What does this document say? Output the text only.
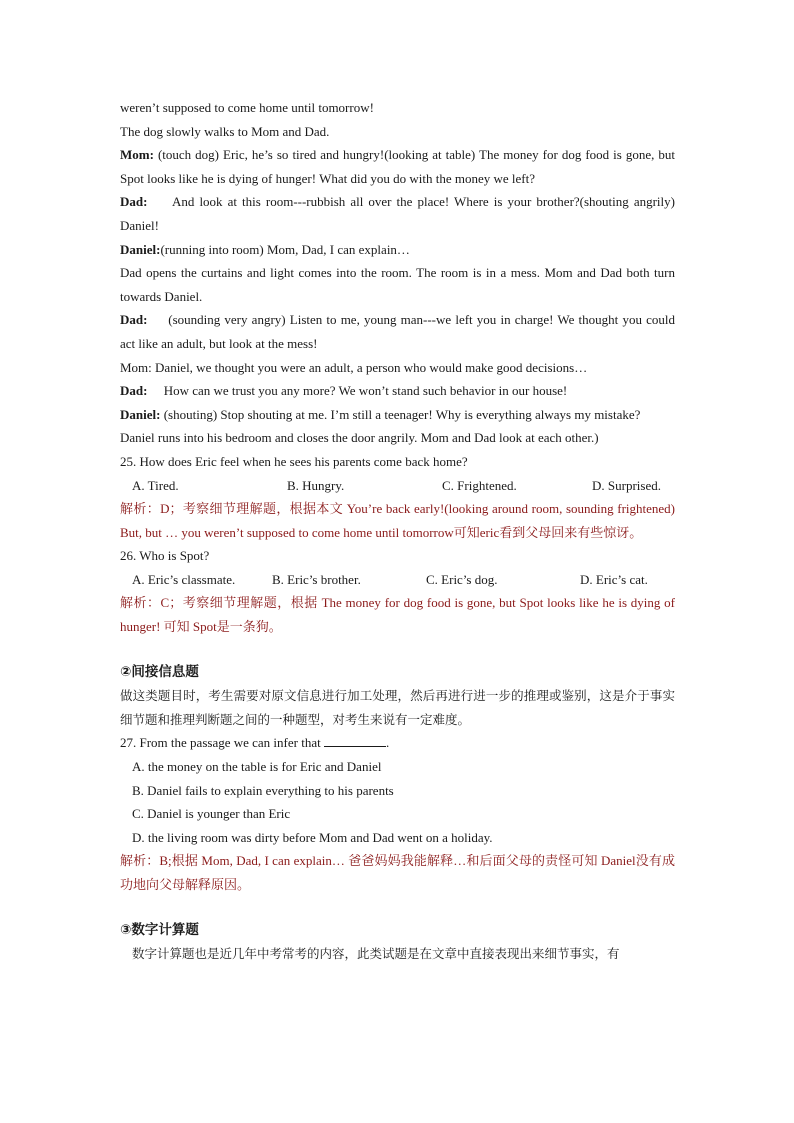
weren’t supposed to come home until tomorrow!

The dog slowly walks to Mom and Dad.

Mom: (touch dog) Eric, he’s so tired and hungry!(looking at table) The money for dog food is gone, but Spot looks like he is dying of hunger! What did you do with the money we left?

Dad:     And look at this room---rubbish all over the place! Where is your brother?(shouting angrily) Daniel!

Daniel:(running into room) Mom, Dad, I can explain…

Dad opens the curtains and light comes into the room. The room is in a mess. Mom and Dad both turn towards Daniel.

Dad:     (sounding very angry) Listen to me, young man---we left you in charge! We thought you could act like an adult, but look at the mess!

Mom: Daniel, we thought you were an adult, a person who would make good decisions…

Dad:     How can we trust you any more? We won’t stand such behavior in our house!

Daniel: (shouting) Stop shouting at me. I’m still a teenager! Why is everything always my mistake?

Daniel runs into his bedroom and closes the door angrily. Mom and Dad look at each other.)

25. How does Eric feel when he sees his parents come back home?

A. Tired.	B. Hungry.	C. Frightened.	D. Surprised.

解析：D；考察细节理解题，根据本文 You’re back early!(looking around room, sounding frightened) But, but … you weren’t supposed to come home until tomorrow可知eric看到父母回来有些惊讶。

26. Who is Spot?

A. Eric’s classmate.	B. Eric’s brother.	C. Eric’s dog.	D. Eric’s cat.

解析：C；考察细节理解题，根据 The money for dog food is gone, but Spot looks like he is dying of hunger! 可知 Spot是一条狗。

②间接信息题

做这类题目时，考生需要对原文信息进行加工处理，然后再进行进一步的推理或鉴别，这是介于事实细节题和推理判断题之间的一种题型，对考生来说有一定难度。

27. From the passage we can infer that	.

A. the money on the table is for Eric and Daniel

B. Daniel fails to explain everything to his parents

C. Daniel is younger than Eric

D. the living room was dirty before Mom and Dad went on a holiday.

解析：B;根据 Mom, Dad, I can explain… 爸爸妈妈我能解释…和后面父母的责怪可知 Daniel没有成功地向父母解释原因。

③数字计算题

数字计算题也是近几年中考常考的内容，此类试题是在文章中直接表现出来细节事实，有
